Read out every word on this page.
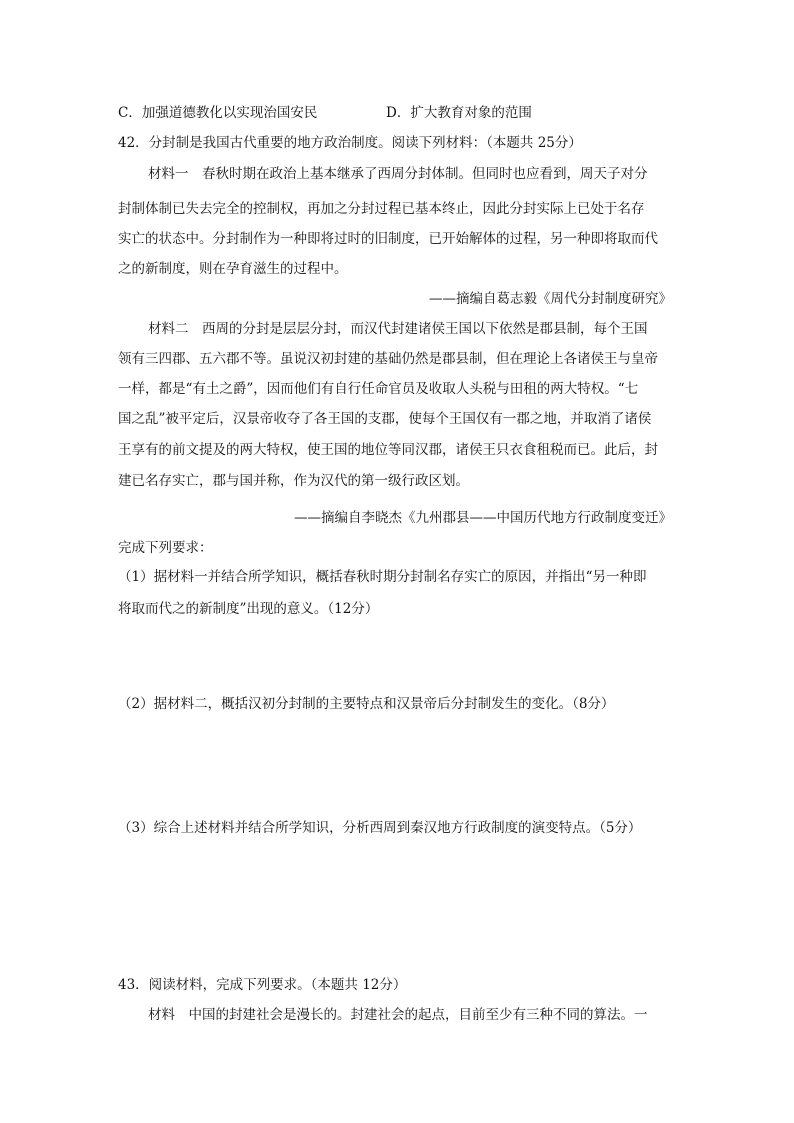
C．加强道德教化以实现治国安民	D．扩大教育对象的范围
42．分封制是我国古代重要的地方政治制度。阅读下列材料：（本题共 25分）
材料一　春秋时期在政治上基本继承了西周分封体制。但同时也应看到，周天子对分
封制体制已失去完全的控制权，再加之分封过程已基本终止，因此分封实际上已处于名存
实亡的状态中。分封制作为一种即将过时的旧制度，已开始解体的过程，另一种即将取而代
之的新制度，则在孕育滋生的过程中。
——摘编自葛志毅《周代分封制度研究》
材料二　西周的分封是层层分封，而汉代封建诸侯王国以下依然是郡县制，每个王国
领有三四郡、五六郡不等。虽说汉初封建的基础仍然是郡县制，但在理论上各诸侯王与皇帝
一样，都是“有土之爵”，因而他们有自行任命官员及收取人头税与田租的两大特权。“七
国之乱”被平定后，汉景帝收夺了各王国的支郡，使每个王国仅有一郡之地，并取消了诸侯
王享有的前文提及的两大特权，使王国的地位等同汉郡，诸侯王只衣食租税而已。此后，封
建已名存实亡，郡与国并称，作为汉代的第一级行政区划。
——摘编自李晓杰《九州郡县——中国历代地方行政制度变迁》
完成下列要求：
（1）据材料一并结合所学知识，概括春秋时期分封制名存实亡的原因，并指出“另一种即
将取而代之的新制度”出现的意义。（12分）
（2）据材料二，概括汉初分封制的主要特点和汉景帝后分封制发生的变化。（8分）
（3）综合上述材料并结合所学知识，分析西周到秦汉地方行政制度的演变特点。（5分）
43．阅读材料，完成下列要求。（本题共 12分）
材料　中国的封建社会是漫长的。封建社会的起点，目前至少有三种不同的算法。一
